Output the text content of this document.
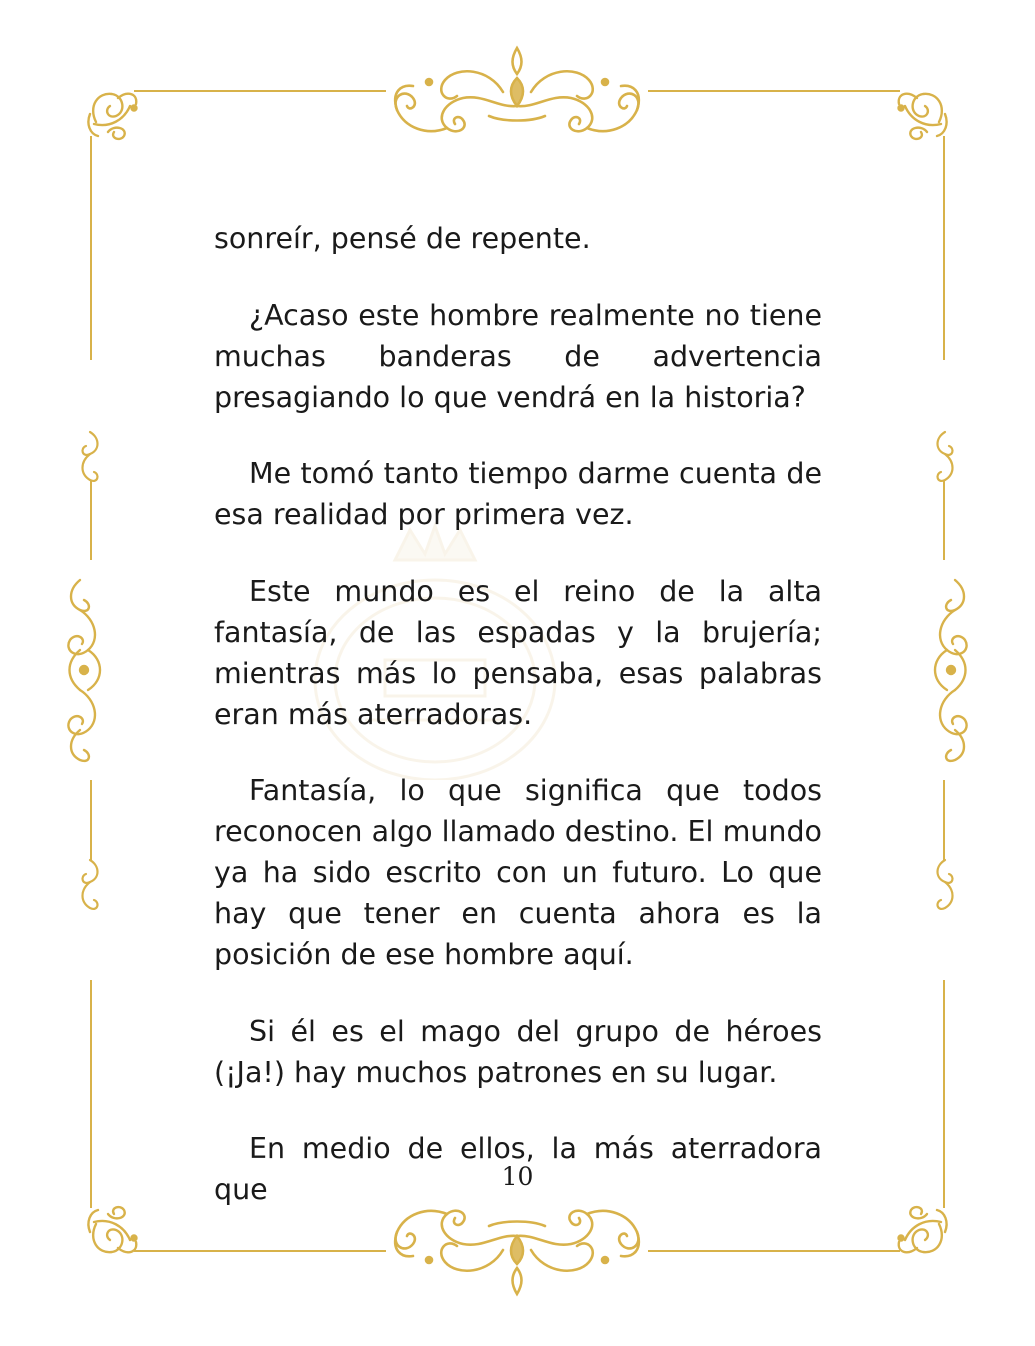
sonreír, pensé de repente.

¿Acaso este hombre realmente no tiene muchas banderas de advertencia presagiando lo que vendrá en la historia?

Me tomó tanto tiempo darme cuenta de esa realidad por primera vez.

Este mundo es el reino de la alta fantasía, de las espadas y la brujería; mientras más lo pensaba, esas palabras eran más aterradoras.

Fantasía, lo que significa que todos reconocen algo llamado destino. El mundo ya ha sido escrito con un futuro. Lo que hay que tener en cuenta ahora es la posición de ese hombre aquí.

Si él es el mago del grupo de héroes (¡Ja!) hay muchos patrones en su lugar.

En medio de ellos, la más aterradora que	10
